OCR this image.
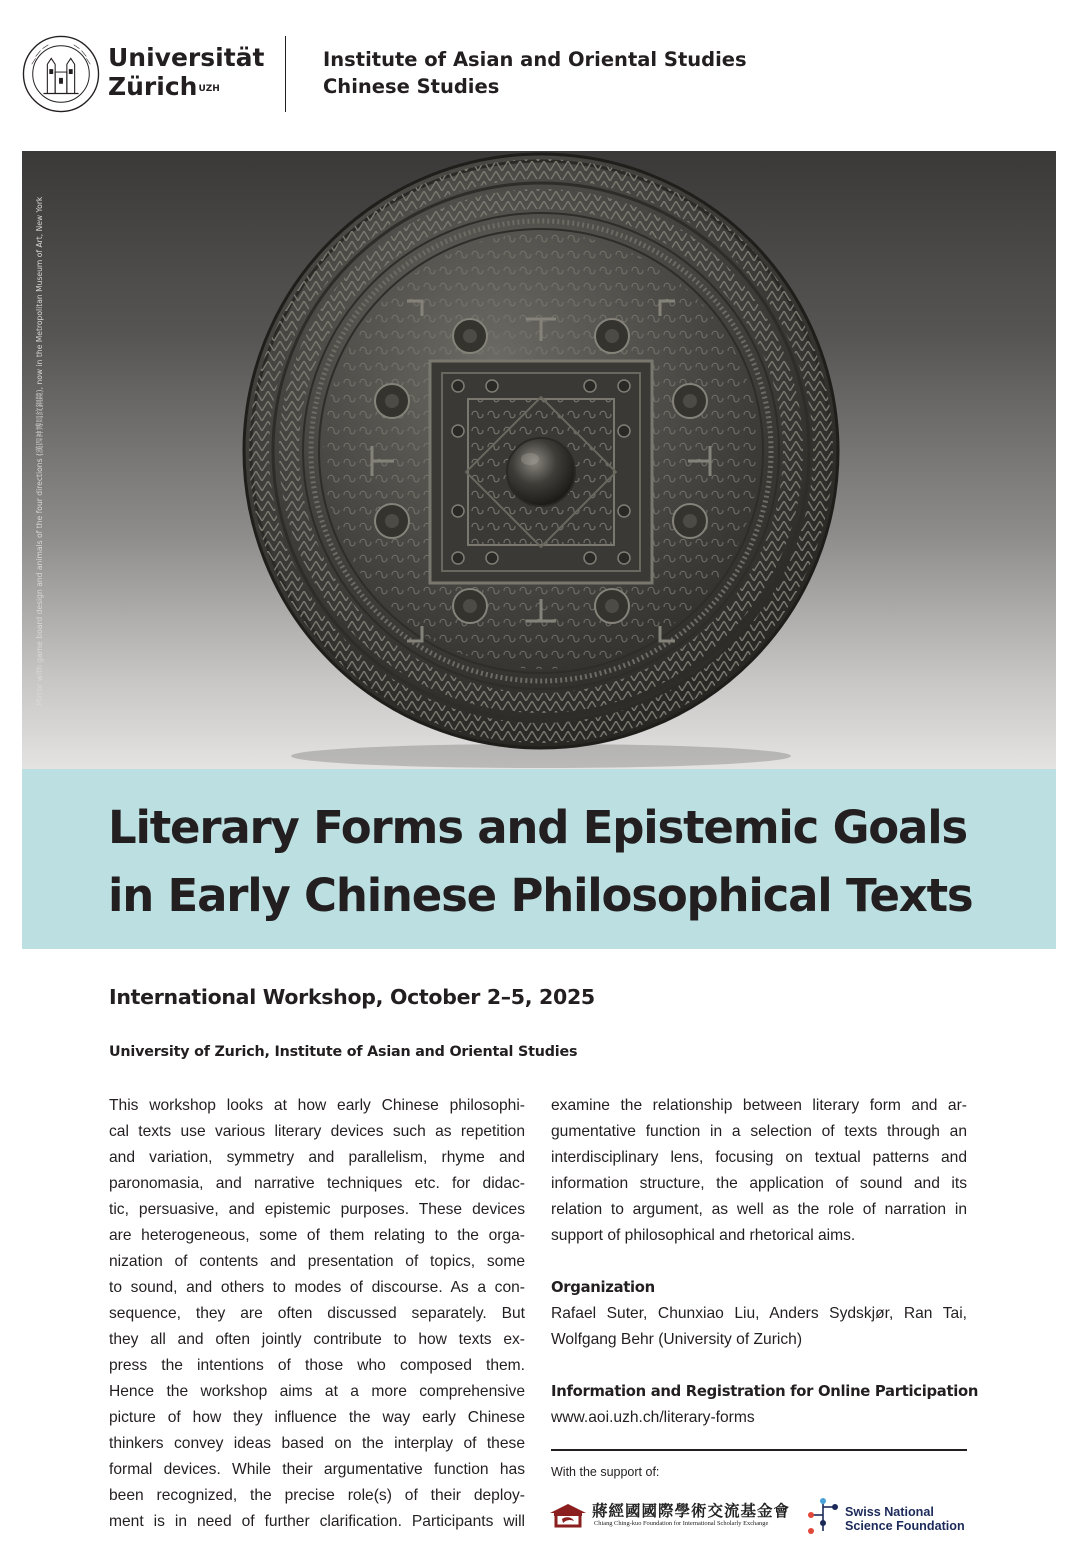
Universität
Zürich$^{UZH}$
Institute of Asian and Oriental Studies
Chinese Studies
Mirror with game board design and animals of the four directions (漢四神博局紋銅鏡), now in the Metropolitan Museum of Art, New York
Literary Forms and Epistemic Goals
in Early Chinese Philosophical Texts
International Workshop, October 2–5, 2025
University of Zurich, Institute of Asian and Oriental Studies
This workshop looks at how early Chinese philosophi-
cal texts use various literary devices such as repetition
and variation, symmetry and parallelism, rhyme and
paronomasia, and narrative techniques etc. for didac-
tic, persuasive, and epistemic purposes. These devices
are heterogeneous, some of them relating to the orga-
nization of contents and presentation of topics, some
to sound, and others to modes of discourse. As a con-
sequence, they are often discussed separately. But
they all and often jointly contribute to how texts ex-
press the intentions of those who composed them.
Hence the workshop aims at a more comprehensive
picture of how they influence the way early Chinese
thinkers convey ideas based on the interplay of these
formal devices. While their argumentative function has
been recognized, the precise role(s) of their deploy-
ment is in need of further clarification. Participants will
examine the relationship between literary form and ar-
gumentative function in a selection of texts through an
interdisciplinary lens, focusing on textual patterns and
information structure, the application of sound and its
relation to argument, as well as the role of narration in
support of philosophical and rhetorical aims.
Organization
Rafael Suter, Chunxiao Liu, Anders Sydskjør, Ran Tai,
Wolfgang Behr (University of Zurich)
Information and Registration for Online Participation
www.aoi.uzh.ch/literary-forms
With the support of:
蔣經國國際學術交流基金會
Chiang Ching-kuo Foundation for International Scholarly Exchange
Swiss National
Science Foundation
